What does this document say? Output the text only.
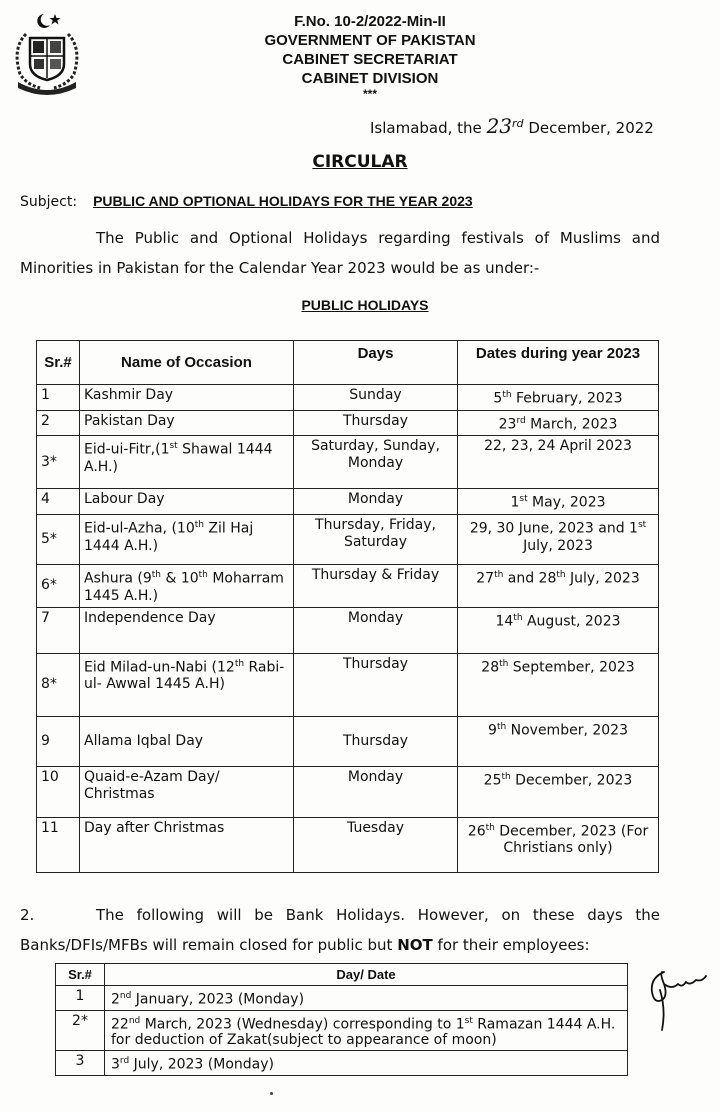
F.No. 10-2/2022-Min-II
GOVERNMENT OF PAKISTAN
CABINET SECRETARIAT
CABINET DIVISION
***
Islamabad, the 23rd December, 2022
CIRCULAR
Subject: PUBLIC AND OPTIONAL HOLIDAYS FOR THE YEAR 2023
The Public and Optional Holidays regarding festivals of Muslims and Minorities in Pakistan for the Calendar Year 2023 would be as under:-
PUBLIC HOLIDAYS
Sr.#	Name of Occasion	Days	Dates during year 2023
1	Kashmir Day	Sunday	5th February, 2023
2	Pakistan Day	Thursday	23rd March, 2023
3*	Eid-ui-Fitr,(1st Shawal 1444 A.H.)	Saturday, Sunday, Monday	22, 23, 24 April 2023
4	Labour Day	Monday	1st May, 2023
5*	Eid-ul-Azha, (10th Zil Haj 1444 A.H.)	Thursday, Friday, Saturday	29, 30 June, 2023 and 1st July, 2023
6*	Ashura (9th & 10th Moharram 1445 A.H.)	Thursday & Friday	27th and 28th July, 2023
7	Independence Day	Monday	14th August, 2023
8*	Eid Milad-un-Nabi (12th Rabi-ul- Awwal 1445 A.H)	Thursday	28th September, 2023
9	Allama Iqbal Day	Thursday	9th November, 2023
10	Quaid-e-Azam Day/ Christmas	Monday	25th December, 2023
11	Day after Christmas	Tuesday	26th December, 2023 (For Christians only)
2.	The following will be Bank Holidays. However, on these days the Banks/DFIs/MFBs will remain closed for public but NOT for their employees:
Sr.#	Day/ Date
1	2nd January, 2023 (Monday)
2*	22nd March, 2023 (Wednesday) corresponding to 1st Ramazan 1444 A.H. for deduction of Zakat(subject to appearance of moon)
3	3rd July, 2023 (Monday)
